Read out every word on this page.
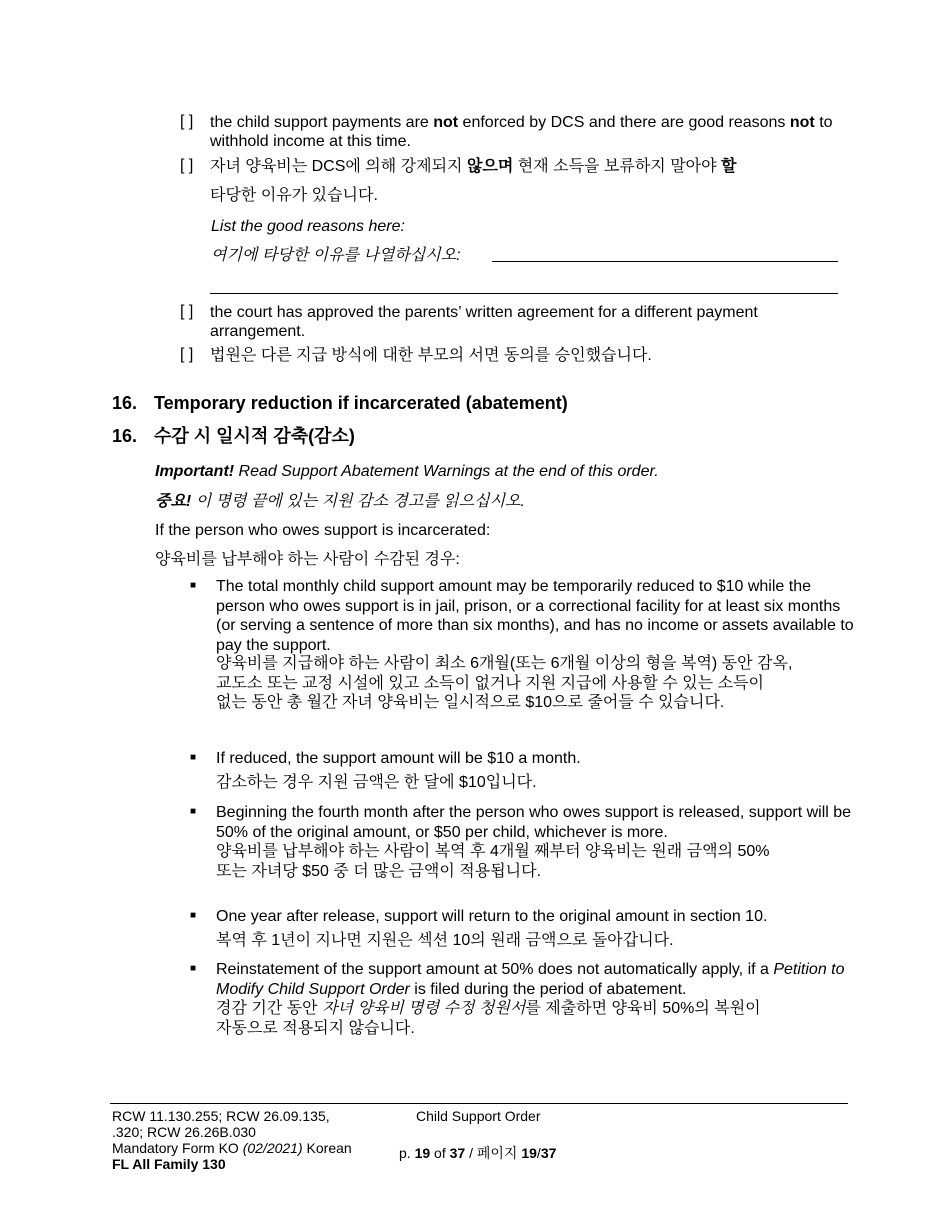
[ ] the child support payments are not enforced by DCS and there are good reasons not to withhold income at this time.
[ ] 자녀 양육비는 DCS에 의해 강제되지 않으며 현재 소득을 보류하지 말아야 할
타당한 이유가 있습니다.
List the good reasons here:
여기에 타당한 이유를 나열하십시오:
[ ] the court has approved the parents’ written agreement for a different payment arrangement.
[ ] 법원은 다른 지급 방식에 대한 부모의 서면 동의를 승인했습니다.
16. Temporary reduction if incarcerated (abatement)
16. 수감 시 일시적 감축(감소)
Important! Read Support Abatement Warnings at the end of this order.
중요! 이 명령 끝에 있는 지원 감소 경고를 읽으십시오.
If the person who owes support is incarcerated:
양육비를 납부해야 하는 사람이 수감된 경우:
■ The total monthly child support amount may be temporarily reduced to $10 while the person who owes support is in jail, prison, or a correctional facility for at least six months (or serving a sentence of more than six months), and has no income or assets available to pay the support.
양육비를 지급해야 하는 사람이 최소 6개월(또는 6개월 이상의 형을 복역) 동안 감옥,
교도소 또는 교정 시설에 있고 소득이 없거나 지원 지급에 사용할 수 있는 소득이
없는 동안 총 월간 자녀 양육비는 일시적으로 $10으로 줄어들 수 있습니다.
■ If reduced, the support amount will be $10 a month.
감소하는 경우 지원 금액은 한 달에 $10입니다.
■ Beginning the fourth month after the person who owes support is released, support will be 50% of the original amount, or $50 per child, whichever is more.
양육비를 납부해야 하는 사람이 복역 후 4개월 째부터 양육비는 원래 금액의 50%
또는 자녀당 $50 중 더 많은 금액이 적용됩니다.
■ One year after release, support will return to the original amount in section 10.
복역 후 1년이 지나면 지원은 섹션 10의 원래 금액으로 돌아갑니다.
■ Reinstatement of the support amount at 50% does not automatically apply, if a Petition to Modify Child Support Order is filed during the period of abatement.
경감 기간 동안 자녀 양육비 명령 수정 청원서를 제출하면 양육비 50%의 복원이
자동으로 적용되지 않습니다.
RCW 11.130.255; RCW 26.09.135,
.320; RCW 26.26B.030
Mandatory Form KO (02/2021) Korean
FL All Family 130
Child Support Order
p. 19 of 37 / 페이지 19/37
